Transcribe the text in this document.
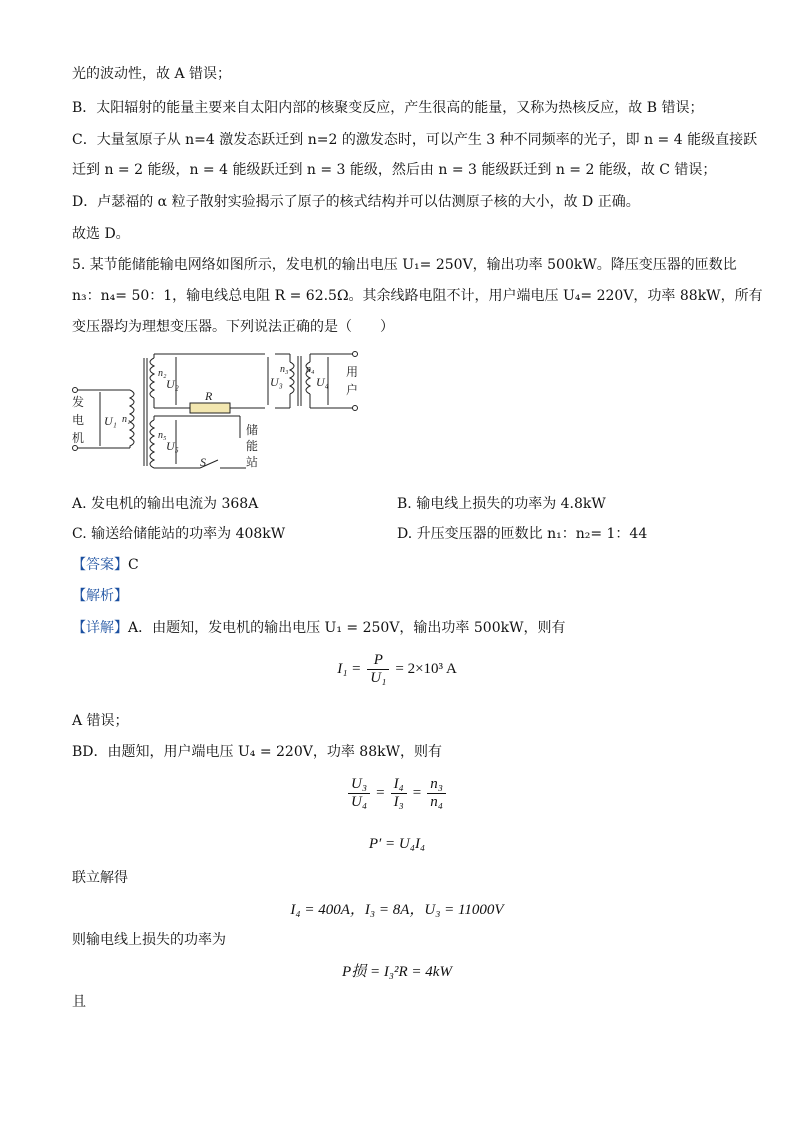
光的波动性，故 A 错误；
B．太阳辐射的能量主要来自太阳内部的核聚变反应，产生很高的能量，又称为热核反应，故 B 错误；
C．大量氢原子从 n=4 激发态跃迁到 n=2 的激发态时，可以产生 3 种不同频率的光子，即 n = 4 能级直接跃
迁到 n = 2 能级，n = 4 能级跃迁到 n = 3 能级，然后由 n = 3 能级跃迁到 n = 2 能级，故 C 错误；
D．卢瑟福的 α 粒子散射实验揭示了原子的核式结构并可以估测原子核的大小，故 D 正确。
故选 D。
5. 某节能储能输电网络如图所示，发电机的输出电压 U₁= 250V，输出功率 500kW。降压变压器的匝数比
n₃：n₄= 50：1，输电线总电阻 R = 62.5Ω。其余线路电阻不计，用户端电压 U₄= 220V，功率 88kW，所有
变压器均为理想变压器。下列说法正确的是（　　）
发
电
机
U₁ n₁
n₂
U₂
R
n₅
U₅
S
储
能
站
U₃
n₃ n₄
U₄
用
户
A. 发电机的输出电流为 368A	B. 输电线上损失的功率为 4.8kW
C. 输送给储能站的功率为 408kW	D. 升压变压器的匝数比 n₁：n₂= 1：44
【答案】C
【解析】
【详解】A．由题知，发电机的输出电压 U₁ = 250V，输出功率 500kW，则有
$I_1 = \frac{P}{\text{U₁}} = 2\times 10^3$ A
A 错误；
BD．由题知，用户端电压 U₄ = 220V，功率 88kW，则有
$\frac{\text{U₃}}{\text{U₄}} = \frac{\text{I₄}}{\text{I₃}} = \frac{\text{n₃}}{\text{n₄}}$
P′ = U₄I₄
联立解得
I₄ = 400A，I₃ = 8A，U₃ = 11000V
则输电线上损失的功率为
P损 = I₃²R = 4kW
且
